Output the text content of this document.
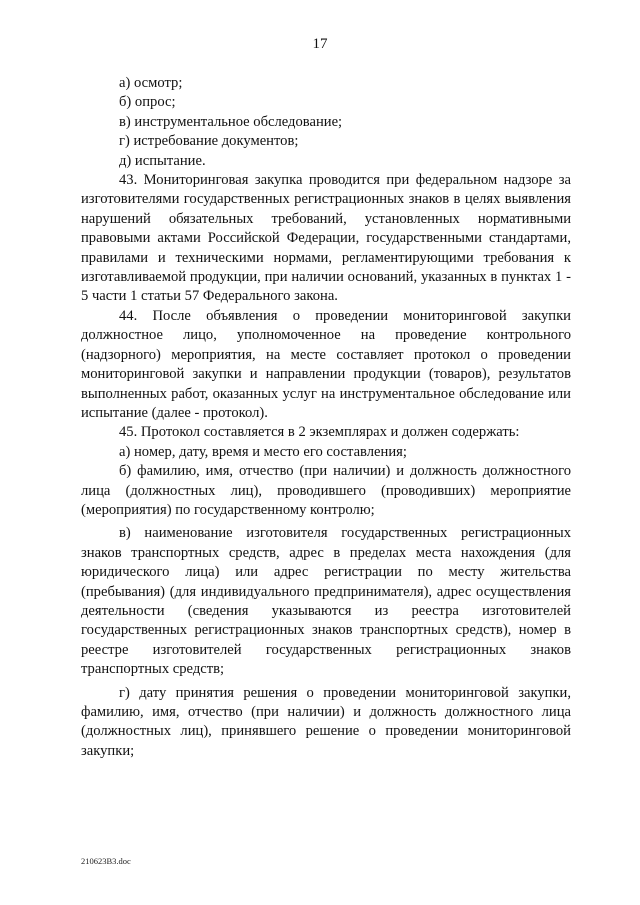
17

а) осмотр;

б) опрос;

в) инструментальное обследование;

г) истребование документов;

д) испытание.

43. Мониторинговая закупка проводится при федеральном надзоре за изготовителями государственных регистрационных знаков в целях выявления нарушений обязательных требований, установленных нормативными правовыми актами Российской Федерации, государственными стандартами, правилами и техническими нормами, регламентирующими требования к изготавливаемой продукции, при наличии оснований, указанных в пунктах 1 - 5 части 1 статьи 57 Федерального закона.

44. После объявления о проведении мониторинговой закупки должностное лицо, уполномоченное на проведение контрольного (надзорного) мероприятия, на месте составляет протокол о проведении мониторинговой закупки и направлении продукции (товаров), результатов выполненных работ, оказанных услуг на инструментальное обследование или испытание (далее - протокол).

45. Протокол составляется в 2 экземплярах и должен содержать:

а) номер, дату, время и место его составления;

б) фамилию, имя, отчество (при наличии) и должность должностного лица (должностных лиц), проводившего (проводивших) мероприятие (мероприятия) по государственному контролю;

в) наименование изготовителя государственных регистрационных знаков транспортных средств, адрес в пределах места нахождения (для юридического лица) или адрес регистрации по месту жительства (пребывания) (для индивидуального предпринимателя), адрес осуществления деятельности (сведения указываются из реестра изготовителей государственных регистрационных знаков транспортных средств), номер в реестре изготовителей государственных регистрационных знаков транспортных средств;

г) дату принятия решения о проведении мониторинговой закупки, фамилию, имя, отчество (при наличии) и должность должностного лица (должностных лиц), принявшего решение о проведении мониторинговой закупки;

210623В3.doc
